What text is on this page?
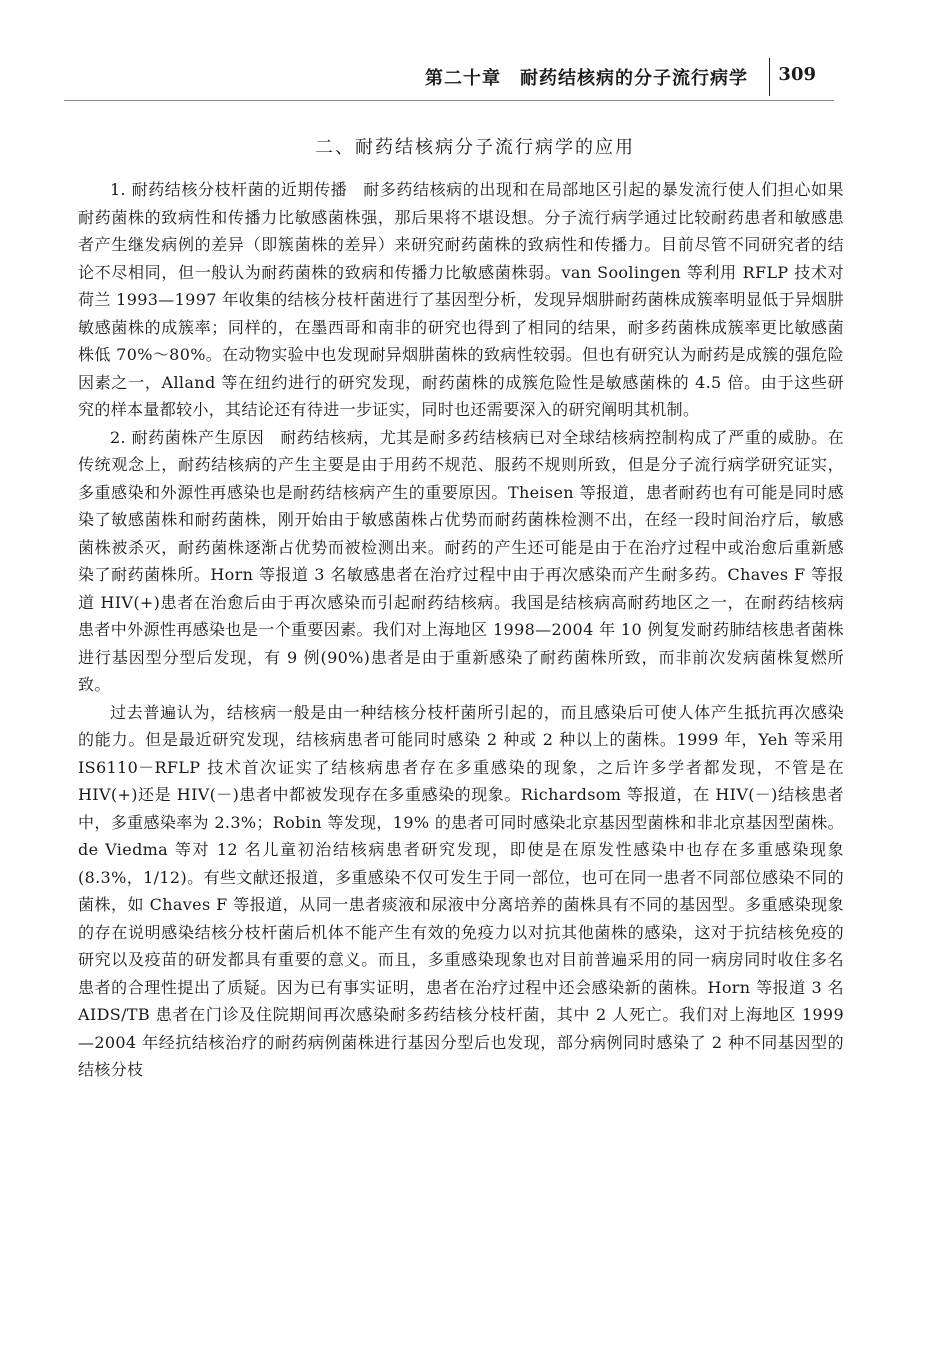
第二十章　耐药结核病的分子流行病学 309
二、耐药结核病分子流行病学的应用

1. 耐药结核分枝杆菌的近期传播 耐多药结核病的出现和在局部地区引起的暴发流行使人们担心如果耐药菌株的致病性和传播力比敏感菌株强，那后果将不堪设想。分子流行病学通过比较耐药患者和敏感患者产生继发病例的差异（即簇菌株的差异）来研究耐药菌株的致病性和传播力。目前尽管不同研究者的结论不尽相同，但一般认为耐药菌株的致病和传播力比敏感菌株弱。van Soolingen 等利用 RFLP 技术对荷兰 1993—1997 年收集的结核分枝杆菌进行了基因型分析，发现异烟肼耐药菌株成簇率明显低于异烟肼敏感菌株的成簇率；同样的，在墨西哥和南非的研究也得到了相同的结果，耐多药菌株成簇率更比敏感菌株低 70%～80%。在动物实验中也发现耐异烟肼菌株的致病性较弱。但也有研究认为耐药是成簇的强危险因素之一，Alland 等在纽约进行的研究发现，耐药菌株的成簇危险性是敏感菌株的 4.5 倍。由于这些研究的样本量都较小，其结论还有待进一步证实，同时也还需要深入的研究阐明其机制。

2. 耐药菌株产生原因 耐药结核病，尤其是耐多药结核病已对全球结核病控制构成了严重的威胁。在传统观念上，耐药结核病的产生主要是由于用药不规范、服药不规则所致，但是分子流行病学研究证实，多重感染和外源性再感染也是耐药结核病产生的重要原因。Theisen 等报道，患者耐药也有可能是同时感染了敏感菌株和耐药菌株，刚开始由于敏感菌株占优势而耐药菌株检测不出，在经一段时间治疗后，敏感菌株被杀灭，耐药菌株逐渐占优势而被检测出来。耐药的产生还可能是由于在治疗过程中或治愈后重新感染了耐药菌株所。Horn 等报道 3 名敏感患者在治疗过程中由于再次感染而产生耐多药。Chaves F 等报道 HIV(+)患者在治愈后由于再次感染而引起耐药结核病。我国是结核病高耐药地区之一，在耐药结核病患者中外源性再感染也是一个重要因素。我们对上海地区 1998—2004 年 10 例复发耐药肺结核患者菌株进行基因型分型后发现，有 9 例(90%)患者是由于重新感染了耐药菌株所致，而非前次发病菌株复燃所致。

过去普遍认为，结核病一般是由一种结核分枝杆菌所引起的，而且感染后可使人体产生抵抗再次感染的能力。但是最近研究发现，结核病患者可能同时感染 2 种或 2 种以上的菌株。1999 年，Yeh 等采用 IS6110－RFLP 技术首次证实了结核病患者存在多重感染的现象，之后许多学者都发现，不管是在 HIV(+)还是 HIV(－)患者中都被发现存在多重感染的现象。Richardsom 等报道，在 HIV(－)结核患者中，多重感染率为 2.3%；Robin 等发现，19% 的患者可同时感染北京基因型菌株和非北京基因型菌株。de Viedma 等对 12 名儿童初治结核病患者研究发现，即使是在原发性感染中也存在多重感染现象(8.3%，1/12)。有些文献还报道，多重感染不仅可发生于同一部位，也可在同一患者不同部位感染不同的菌株，如 Chaves F 等报道，从同一患者痰液和尿液中分离培养的菌株具有不同的基因型。多重感染现象的存在说明感染结核分枝杆菌后机体不能产生有效的免疫力以对抗其他菌株的感染，这对于抗结核免疫的研究以及疫苗的研发都具有重要的意义。而且，多重感染现象也对目前普遍采用的同一病房同时收住多名患者的合理性提出了质疑。因为已有事实证明，患者在治疗过程中还会感染新的菌株。Horn 等报道 3 名 AIDS/TB 患者在门诊及住院期间再次感染耐多药结核分枝杆菌，其中 2 人死亡。我们对上海地区 1999—2004 年经抗结核治疗的耐药病例菌株进行基因分型后也发现，部分病例同时感染了 2 种不同基因型的结核分枝
